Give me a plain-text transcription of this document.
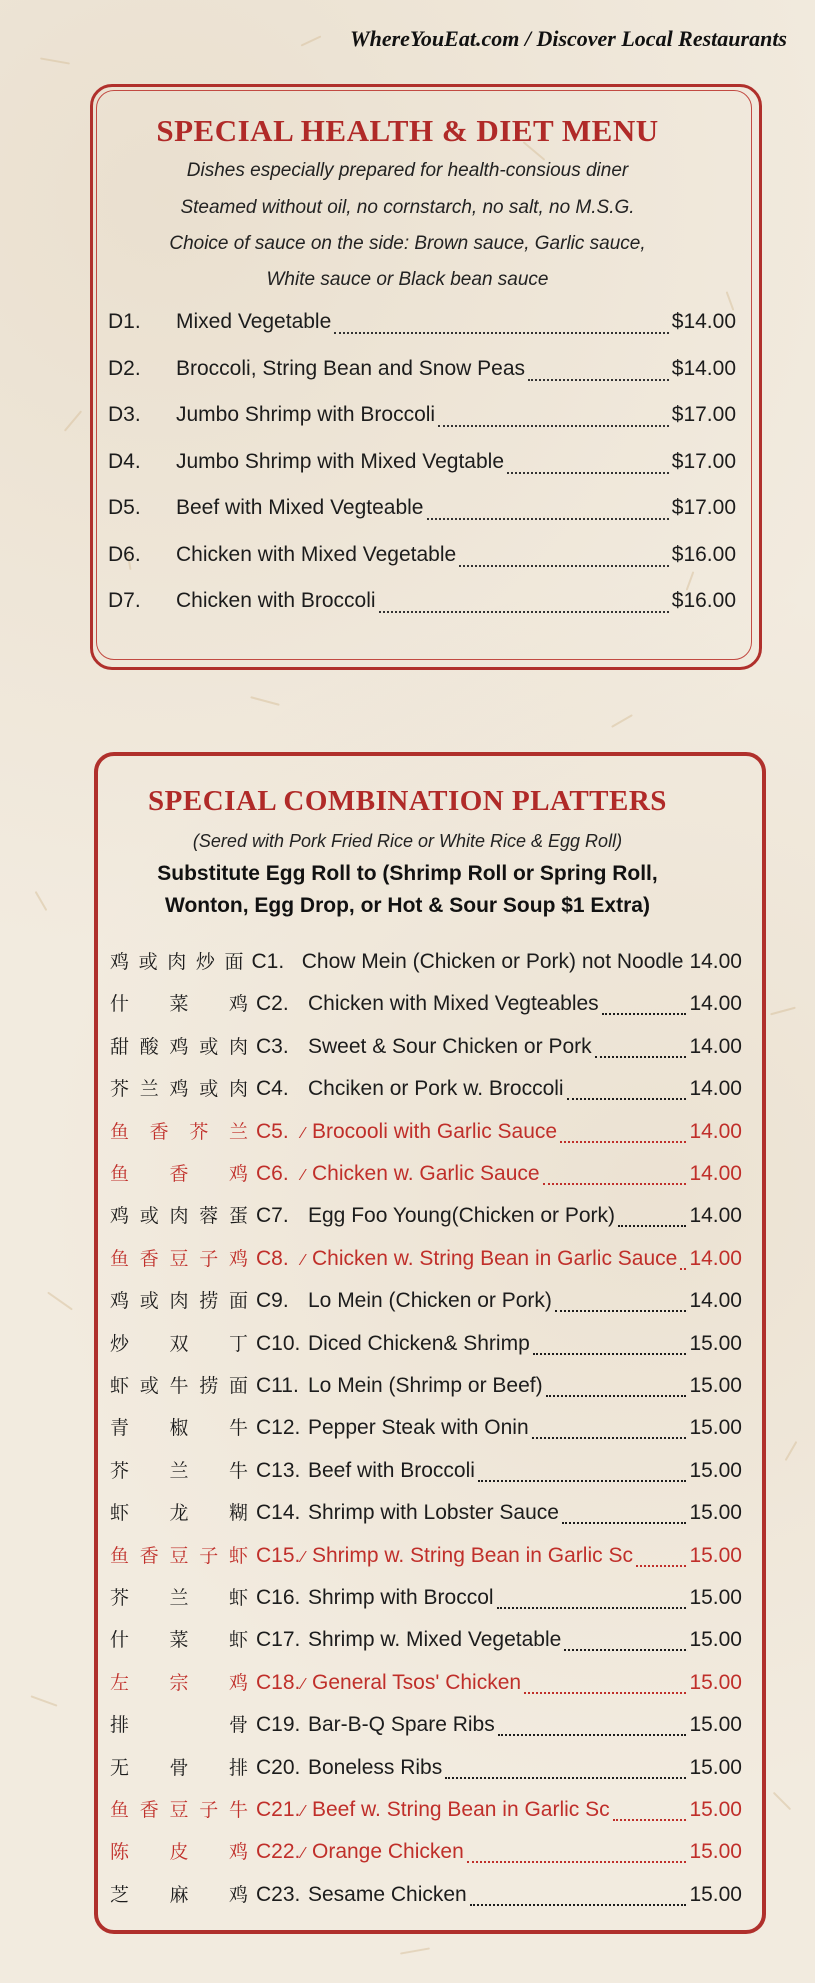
WhereYouEat.com / Discover Local Restaurants
SPECIAL HEALTH & DIET MENU
Dishes especially prepared for health-consious diner
Steamed without oil, no cornstarch, no salt, no M.S.G.
Choice of sauce on the side: Brown sauce, Garlic sauce,
White sauce or Black bean sauce
D1.	Mixed Vegetable	$14.00
D2.	Broccoli, String Bean and Snow Peas	$14.00
D3.	Jumbo Shrimp with Broccoli	$17.00
D4.	Jumbo Shrimp with Mixed Vegtable	$17.00
D5.	Beef with Mixed Vegteable	$17.00
D6.	Chicken with Mixed Vegetable	$16.00
D7.	Chicken with Broccoli	$16.00
SPECIAL COMBINATION PLATTERS
(Sered with Pork Fried Rice or White Rice & Egg Roll)
Substitute Egg Roll to (Shrimp Roll or Spring Roll,
Wonton, Egg Drop, or Hot & Sour Soup $1 Extra)
鸡 或 肉 炒 面 C1. Chow Mein (Chicken or Pork) not Noodle 14.00
什 菜 鸡 C2. Chicken with Mixed Vegteables	14.00
甜 酸 鸡 或 肉 C3. Sweet & Sour Chicken or Pork	14.00
芥 兰 鸡 或 肉 C4. Chciken or Pork w. Broccoli	14.00
鱼 香 芥 兰 C5. ∕ Brocooli with Garlic Sauce	14.00
鱼 香 鸡 C6. ∕ Chicken w. Garlic Sauce	14.00
鸡 或 肉 蓉 蛋 C7. Egg Foo Young(Chicken or Pork)	14.00
鱼 香 豆 子 鸡 C8. ∕ Chicken w. String Bean in Garlic Sauce 14.00
鸡 或 肉 捞 面 C9. Lo Mein (Chicken or Pork)	14.00
炒 双 丁 C10. Diced Chicken& Shrimp	15.00
虾 或 牛 捞 面 C11. Lo Mein (Shrimp or Beef)	15.00
青 椒 牛 C12. Pepper Steak with Onin	15.00
芥 兰 牛 C13. Beef with Broccoli	15.00
虾 龙 糊 C14. Shrimp with Lobster Sauce	15.00
鱼 香 豆 子 虾 C15. ∕ Shrimp w. String Bean in Garlic Sc	15.00
芥 兰 虾 C16. Shrimp with Broccol	15.00
什 菜 虾 C17. Shrimp w. Mixed Vegetable	15.00
左 宗 鸡 C18. ∕ General Tsos' Chicken	15.00
排	骨 C19. Bar-B-Q Spare Ribs	15.00
无 骨 排 C20. Boneless Ribs	15.00
鱼 香 豆 子 牛 C21. ∕ Beef w. String Bean in Garlic Sc	15.00
陈 皮 鸡 C22. ∕ Orange Chicken	15.00
芝 麻 鸡 C23. Sesame Chicken	15.00
